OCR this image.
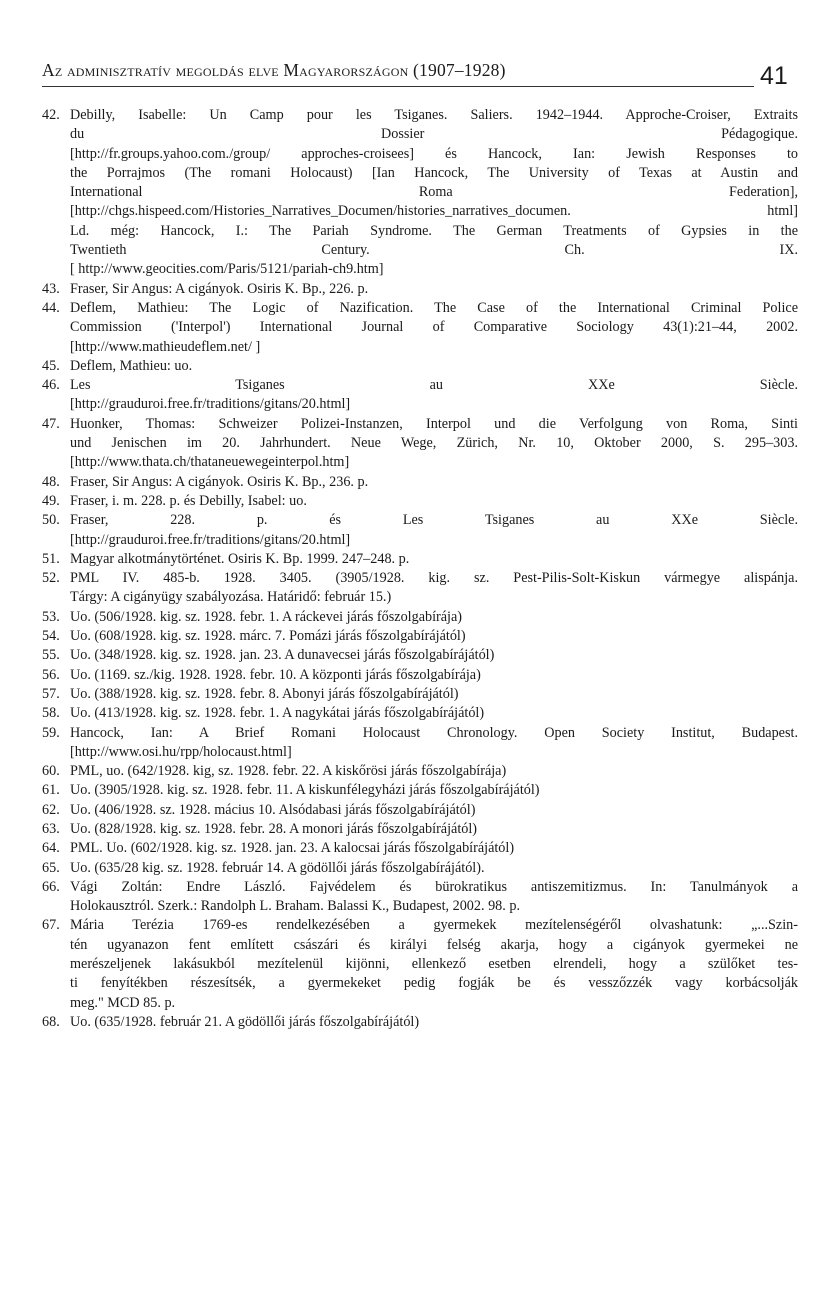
Az adminisztratív megoldás elve Magyarországon (1907–1928)	41
42. Debilly, Isabelle: Un Camp pour les Tsiganes. Saliers. 1942–1944. Approche-Croiser, Extraits
du Dossier Pédagogique.
[http://fr.groups.yahoo.com./group/ approches-croisees] és Hancock, Ian: Jewish Responses to
the Porrajmos (The romani Holocaust) [Ian Hancock, The University of Texas at Austin and
International Roma Federation],
[http://chgs.hispeed.com/Histories_Narratives_Documen/histories_narratives_documen. html]
Ld. még: Hancock, I.: The Pariah Syndrome. The German Treatments of Gypsies in the
Twentieth Century. Ch. IX.
[ http://www.geocities.com/Paris/5121/pariah-ch9.htm]
43. Fraser, Sir Angus: A cigányok. Osiris K. Bp., 226. p.
44. Deflem, Mathieu: The Logic of Nazification. The Case of the International Criminal Police
Commission ('Interpol') International Journal of Comparative Sociology 43(1):21–44, 2002.
[http://www.mathieudeflem.net/ ]
45. Deflem, Mathieu: uo.
46. Les Tsiganes au XXe Siècle.
[http://grauduroi.free.fr/traditions/gitans/20.html]
47. Huonker, Thomas: Schweizer Polizei-Instanzen, Interpol und die Verfolgung von Roma, Sinti
und Jenischen im 20. Jahrhundert. Neue Wege, Zürich, Nr. 10, Oktober 2000, S. 295–303.
[http://www.thata.ch/thataneuewegeinterpol.htm]
48. Fraser, Sir Angus: A cigányok. Osiris K. Bp., 236. p.
49. Fraser, i. m. 228. p. és Debilly, Isabel: uo.
50. Fraser, 228. p. és Les Tsiganes au XXe Siècle.
[http://grauduroi.free.fr/traditions/gitans/20.html]
51. Magyar alkotmánytörténet. Osiris K. Bp. 1999. 247–248. p.
52. PML IV. 485-b. 1928. 3405. (3905/1928. kig. sz. Pest-Pilis-Solt-Kiskun vármegye alispánja.
Tárgy: A cigányügy szabályozása. Határidő: február 15.)
53. Uo. (506/1928. kig. sz. 1928. febr. 1. A ráckevei járás főszolgabírája)
54. Uo. (608/1928. kig. sz. 1928. márc. 7. Pomázi járás főszolgabírájától)
55. Uo. (348/1928. kig. sz. 1928. jan. 23. A dunavecsei járás főszolgabírájától)
56. Uo. (1169. sz./kig. 1928. 1928. febr. 10. A központi járás főszolgabírája)
57. Uo. (388/1928. kig. sz. 1928. febr. 8. Abonyi járás főszolgabírájától)
58. Uo. (413/1928. kig. sz. 1928. febr. 1. A nagykátai járás főszolgabírájától)
59. Hancock, Ian: A Brief Romani Holocaust Chronology. Open Society Institut, Budapest.
[http://www.osi.hu/rpp/holocaust.html]
60. PML, uo. (642/1928. kig, sz. 1928. febr. 22. A kiskőrösi járás főszolgabírája)
61. Uo. (3905/1928. kig. sz. 1928. febr. 11. A kiskunfélegyházi járás főszolgabírájától)
62. Uo. (406/1928. sz. 1928. mácius 10. Alsódabasi járás főszolgabírájától)
63. Uo. (828/1928. kig. sz. 1928. febr. 28. A monori járás főszolgabírájától)
64. PML. Uo. (602/1928. kig. sz. 1928. jan. 23. A kalocsai járás főszolgabírájától)
65. Uo. (635/28 kig. sz. 1928. február 14. A gödöllői járás főszolgabírájától).
66. Vági Zoltán: Endre László. Fajvédelem és bürokratikus antiszemitizmus. In: Tanulmányok a
Holokausztról. Szerk.: Randolph L. Braham. Balassi K., Budapest, 2002. 98. p.
67. Mária Terézia 1769-es rendelkezésében a gyermekek mezítelenségéről olvashatunk: „...Szin-
tén ugyanazon fent említett császári és királyi felség akarja, hogy a cigányok gyermekei ne
merészeljenek lakásukból mezítelenül kijönni, ellenkező esetben elrendeli, hogy a szülőket tes-
ti fenyítékben részesítsék, a gyermekeket pedig fogják be és vesszőzzék vagy korbácsolják
meg." MCD 85. p.
68. Uo. (635/1928. február 21. A gödöllői járás főszolgabírájától)
